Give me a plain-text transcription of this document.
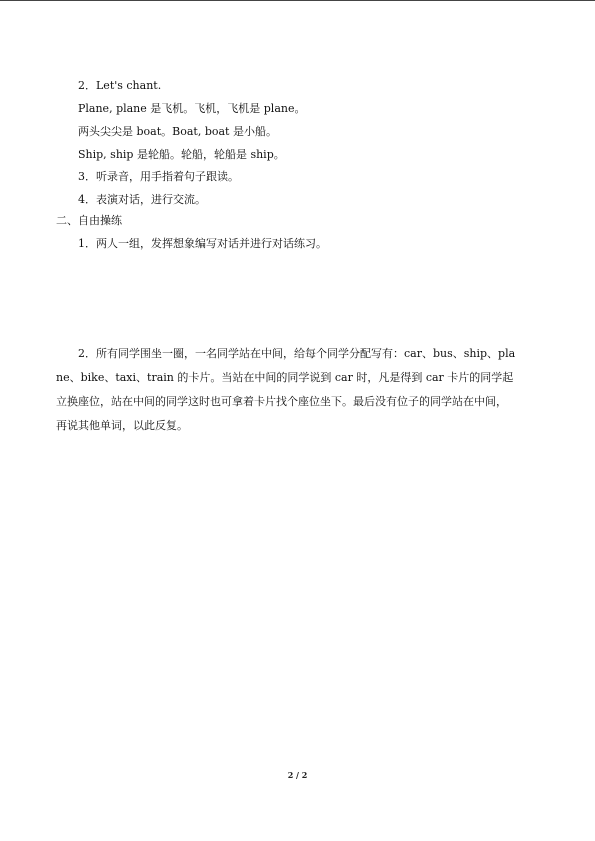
2．Let's chant.
Plane, plane 是飞机。飞机，飞机是 plane。
两头尖尖是 boat。Boat, boat 是小船。
Ship, ship 是轮船。轮船，轮船是 ship。
3．听录音，用手指着句子跟读。
4．表演对话，进行交流。
二、自由操练
1．两人一组，发挥想象编写对话并进行对话练习。
2．所有同学围坐一圈，一名同学站在中间，给每个同学分配写有：car、bus、ship、plane、bike、taxi、train 的卡片。当站在中间的同学说到 car 时，凡是得到 car 卡片的同学起立换座位，站在中间的同学这时也可拿着卡片找个座位坐下。最后没有位子的同学站在中间，再说其他单词，以此反复。
2 / 2
